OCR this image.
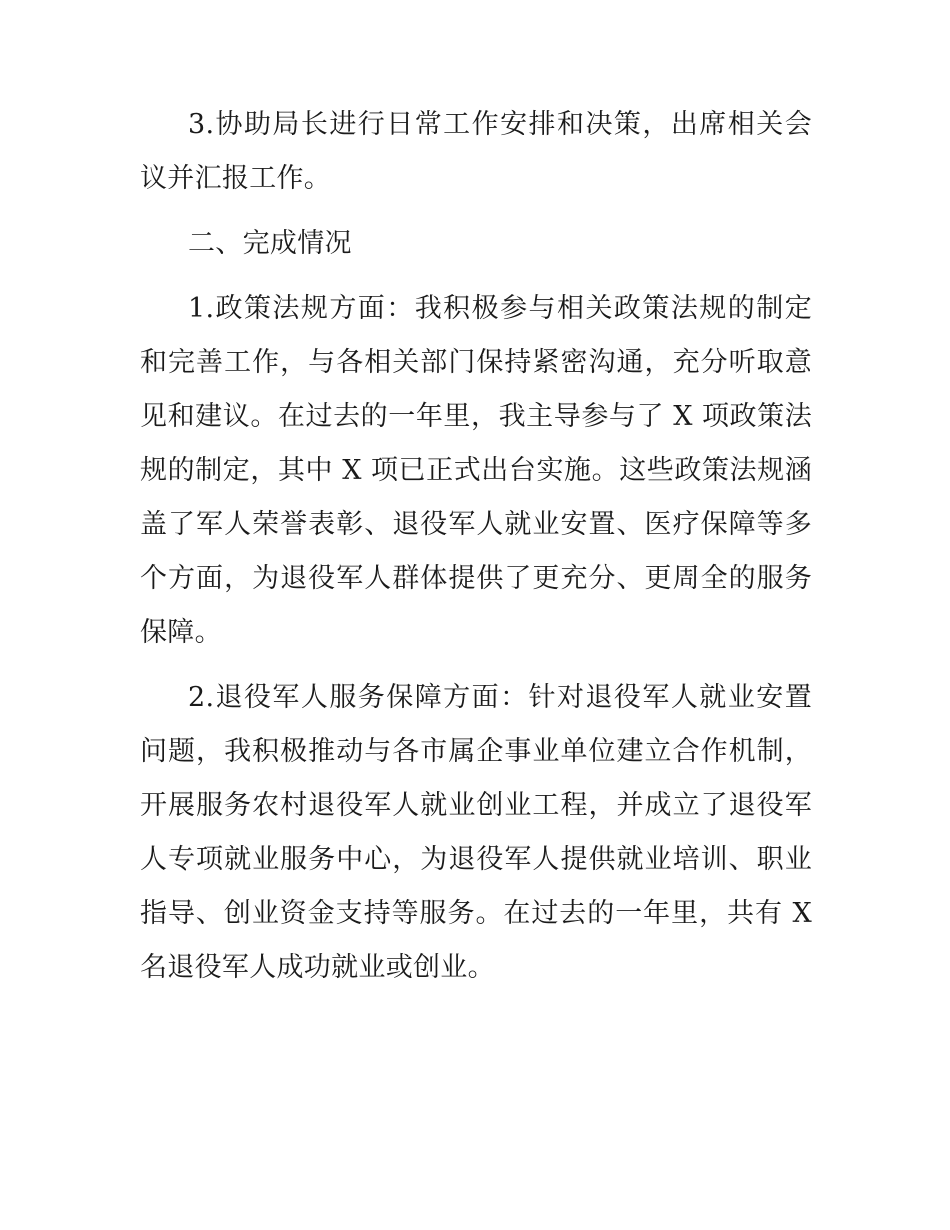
3.协助局长进行日常工作安排和决策，出席相关会议并汇报工作。

二、完成情况

1.政策法规方面：我积极参与相关政策法规的制定和完善工作，与各相关部门保持紧密沟通，充分听取意见和建议。在过去的一年里，我主导参与了 X 项政策法规的制定，其中 X 项已正式出台实施。这些政策法规涵盖了军人荣誉表彰、退役军人就业安置、医疗保障等多个方面，为退役军人群体提供了更充分、更周全的服务保障。

2.退役军人服务保障方面：针对退役军人就业安置问题，我积极推动与各市属企事业单位建立合作机制，开展服务农村退役军人就业创业工程，并成立了退役军人专项就业服务中心，为退役军人提供就业培训、职业指导、创业资金支持等服务。在过去的一年里，共有 X 名退役军人成功就业或创业。
